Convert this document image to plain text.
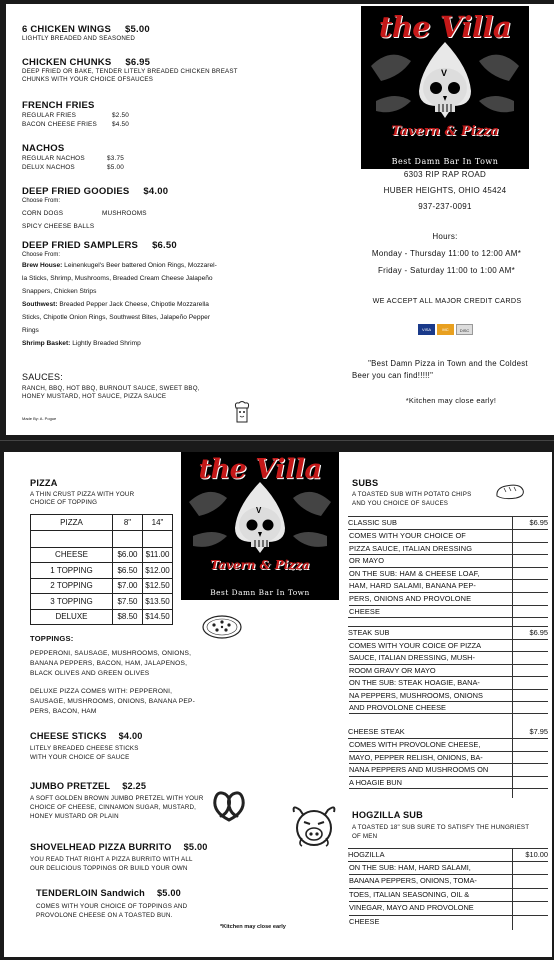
6 CHICKEN WINGS $5.00
LIGHTLY BREADED AND SEASONED
CHICKEN CHUNKS $6.95
DEEP FRIED OR BAKE, TENDER LITELY BREADED CHICKEN BREAST
CHUNKS WITH YOUR CHOICE OFSAUCES
FRENCH FRIES
REGULAR FRIES	$2.50
BACON CHEESE FRIES	$4.50
NACHOS
REGULAR NACHOS	$3.75
DELUX NACHOS	$5.00
DEEP FRIED GOODIES $4.00
Choose From:
CORN DOGS	MUSHROOMS
SPICY CHEESE BALLS
DEEP FRIED SAMPLERS $6.50
Choose From:
Brew House: Leinenkugel's Beer battered Onion Rings, Mozzarel-
la Sticks, Shrimp, Mushrooms, Breaded Cream Cheese Jalapeño
Snappers, Chicken Strips
Southwest: Breaded Pepper Jack Cheese, Chipotle Mozzarella
Sticks, Chipotle Onion Rings, Southwest Bites, Jalapeño Pepper
Rings
Shrimp Basket: Lightly Breaded Shrimp
SAUCES:
RANCH, BBQ, HOT BBQ, BURNOUT SAUCE, SWEET BBQ,
HONEY MUSTARD, HOT SAUCE, PIZZA SAUCE
Made By: A. Pogue
the Villa
V
Tavern & Pizza
Best Damn Bar In Town
6303 RIP RAP ROAD
HUBER HEIGHTS, OHIO 45424
937-237-0091
Hours:
Monday - Thursday 11:00 to 12:00 AM*
Friday - Saturday 11:00 to 1:00 AM*
WE ACCEPT ALL MAJOR CREDIT CARDS
VISA	MC	DISC
"Best Damn Pizza in Town and the Coldest
Beer you can find!!!!!"
*Kitchen may close early!
PIZZA
A THIN CRUST PIZZA WITH YOUR
CHOICE OF TOPPING
PIZZA	8"	14"

CHEESE	$6.00	$11.00
1 TOPPING	$6.50	$12.00
2 TOPPING	$7.00	$12.50
3 TOPPING	$7.50	$13.50
DELUXE	$8.50	$14.50
TOPPINGS:
PEPPERONI, SAUSAGE, MUSHROOMS, ONIONS,
BANANA PEPPERS, BACON, HAM, JALAPENOS,
BLACK OLIVES AND GREEN OLIVES
DELUXE PIZZA COMES WITH: PEPPERONI,
SAUSAGE, MUSHROOMS, ONIONS, BANANA PEP-
PERS, BACON, HAM
CHEESE STICKS $4.00
LITELY BREADED CHEESE STICKS
WITH YOUR CHOICE OF SAUCE
JUMBO PRETZEL $2.25
A SOFT GOLDEN BROWN JUMBO PRETZEL WITH YOUR
CHOICE OF CHEESE, CINNAMON SUGAR, MUSTARD,
HONEY MUSTARD OR PLAIN
SHOVELHEAD PIZZA BURRITO $5.00
YOU READ THAT RIGHT A PIZZA BURRITO WITH ALL
OUR DELICIOUS TOPPINGS OR BUILD YOUR OWN
TENDERLOIN Sandwich $5.00
COMES WITH YOUR CHOICE OF TOPPINGS AND
PROVOLONE CHEESE ON A TOASTED BUN.
*Kitchen may close early
the Villa
V
Tavern & Pizza
Best Damn Bar In Town
SUBS
A TOASTED SUB WITH POTATO CHIPS
AND YOU CHOICE OF SAUCES
CLASSIC SUB	$6.95
COMES WITH YOUR CHOICE OF
PIZZA SAUCE, ITALIAN DRESSING
OR MAYO
ON THE SUB: HAM & CHEESE LOAF,
HAM, HARD SALAMI, BANANA PEP-
PERS, ONIONS AND PROVOLONE
CHEESE
STEAK SUB	$6.95
COMES WITH YOUR COICE OF PIZZA
SAUCE, ITALIAN DRESSING, MUSH-
ROOM GRAVY OR MAYO
ON THE SUB: STEAK HOAGIE, BANA-
NA PEPPERS, MUSHROOMS, ONIONS
AND PROVOLONE CHEESE
CHEESE STEAK	$7.95
COMES WITH PROVOLONE CHEESE,
MAYO, PEPPER RELISH, ONIONS, BA-
NANA PEPPERS AND MUSHROOMS ON
A HOAGIE BUN
HOGZILLA SUB
A TOASTED 18" SUB SURE TO SATISFY THE HUNGRIEST
OF MEN
HOGZILLA	$10.00
ON THE SUB: HAM, HARD SALAMI,
BANANA PEPPERS, ONIONS, TOMA-
TOES, ITALIAN SEASONING, OIL &
VINEGAR, MAYO AND PROVOLONE
CHEESE
